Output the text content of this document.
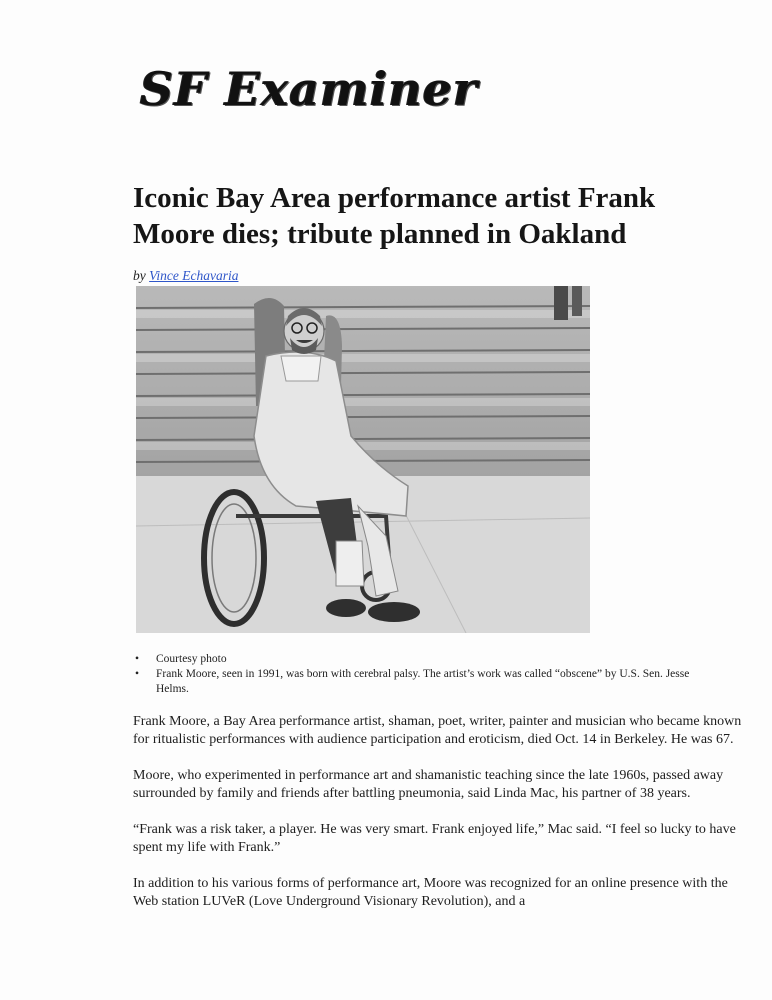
SF Examiner
Iconic Bay Area performance artist Frank Moore dies; tribute planned in Oakland
by Vince Echavaria
• Courtesy photo
• Frank Moore, seen in 1991, was born with cerebral palsy. The artist’s work was called “obscene” by U.S. Sen. Jesse Helms.

Frank Moore, a Bay Area performance artist, shaman, poet, writer, painter and musician who became known for ritualistic performances with audience participation and eroticism, died Oct. 14 in Berkeley. He was 67.

Moore, who experimented in performance art and shamanistic teaching since the late 1960s, passed away surrounded by family and friends after battling pneumonia, said Linda Mac, his partner of 38 years.

“Frank was a risk taker, a player. He was very smart. Frank enjoyed life,” Mac said. “I feel so lucky to have spent my life with Frank.”

In addition to his various forms of performance art, Moore was recognized for an online presence with the Web station LUVeR (Love Underground Visionary Revolution), and a
